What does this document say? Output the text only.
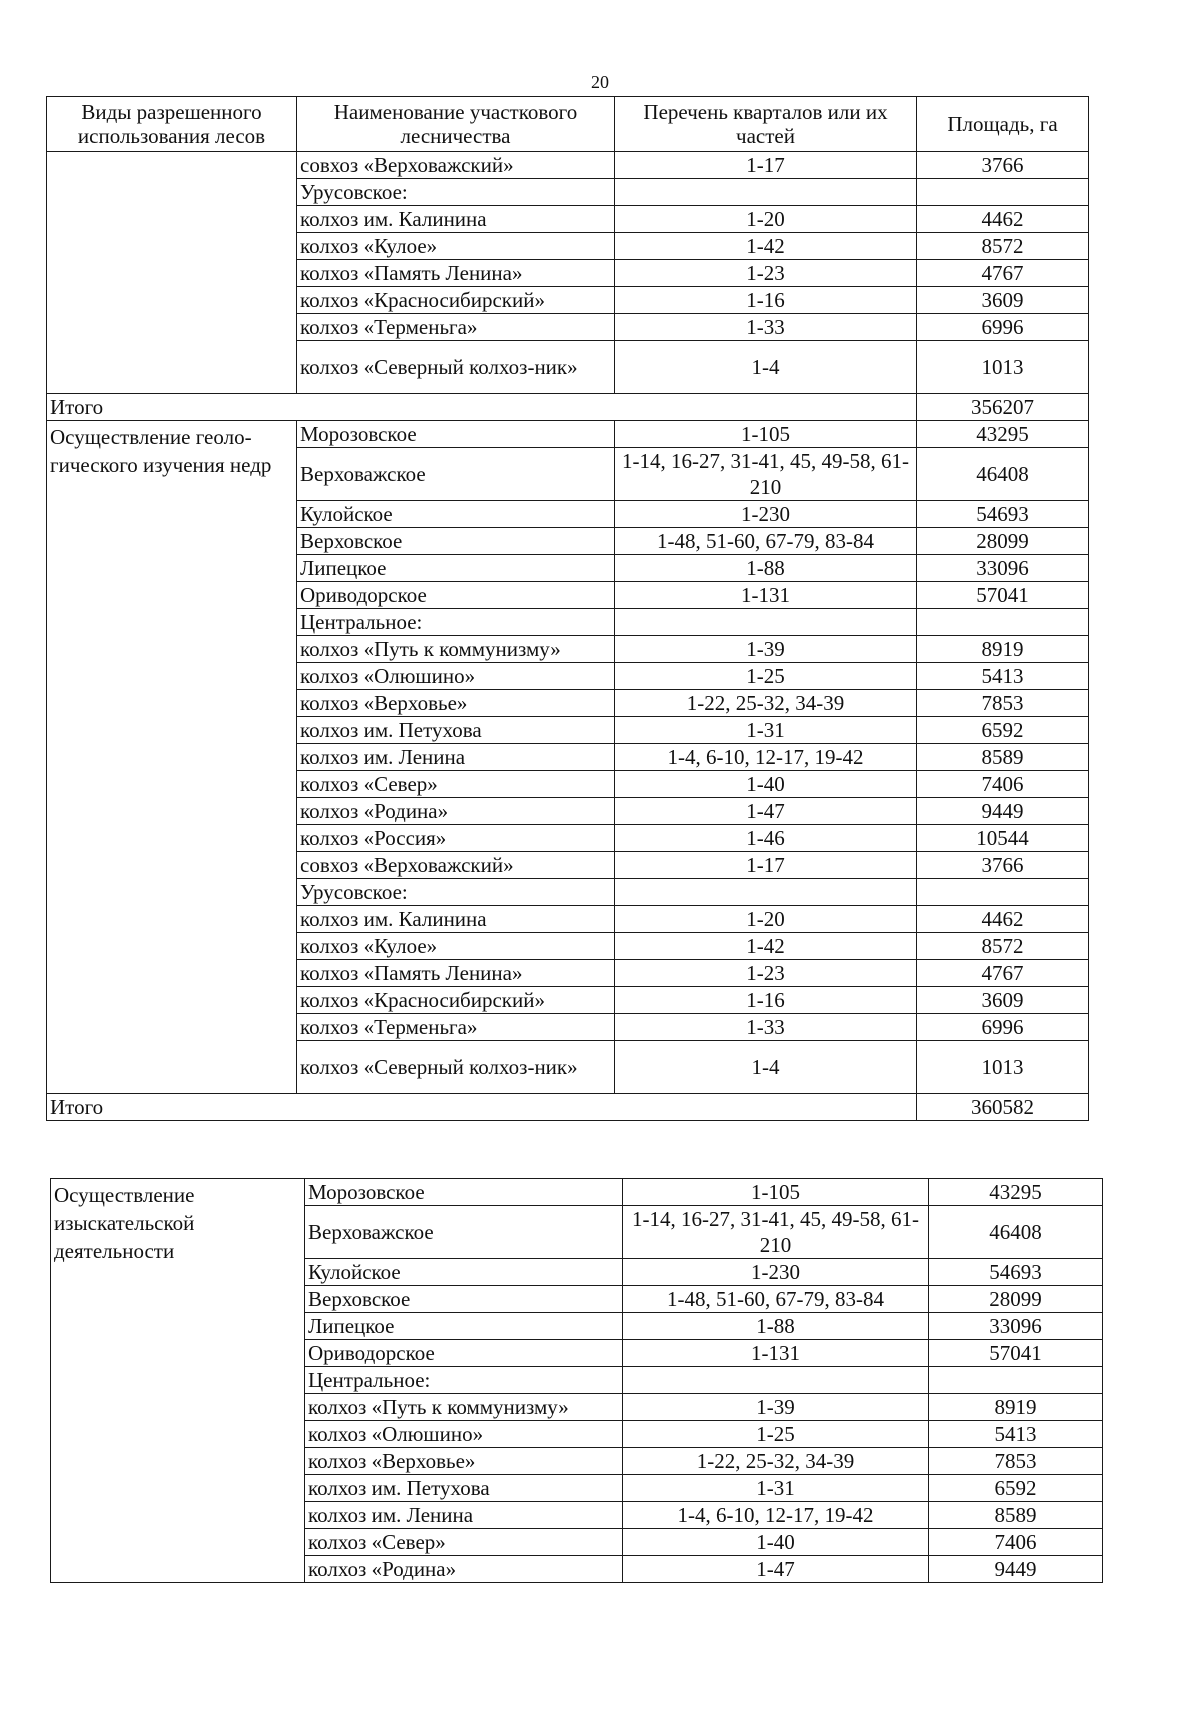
20
Виды разрешенного использования лесов	Наименование участкового лесничества	Перечень кварталов или их частей	Площадь, га
	совхоз «Верховажский»	1-17	3766
	Урусовское:		
	колхоз им. Калинина	1-20	4462
	колхоз «Кулое»	1-42	8572
	колхоз «Память Ленина»	1-23	4767
	колхоз «Красносибирский»	1-16	3609
	колхоз «Терменьга»	1-33	6996
	колхоз «Северный колхоз-ник»	1-4	1013
Итого			356207
Осуществление геоло-гического изучения недр	Морозовское	1-105	43295
	Верховажское	1-14, 16-27, 31-41, 45, 49-58, 61-210	46408
	Кулойское	1-230	54693
	Верховское	1-48, 51-60, 67-79, 83-84	28099
	Липецкое	1-88	33096
	Ориводорское	1-131	57041
	Центральное:		
	колхоз «Путь к коммунизму»	1-39	8919
	колхоз «Олюшино»	1-25	5413
	колхоз «Верховье»	1-22, 25-32, 34-39	7853
	колхоз им. Петухова	1-31	6592
	колхоз им. Ленина	1-4, 6-10, 12-17, 19-42	8589
	колхоз «Север»	1-40	7406
	колхоз «Родина»	1-47	9449
	колхоз «Россия»	1-46	10544
	совхоз «Верховажский»	1-17	3766
	Урусовское:		
	колхоз им. Калинина	1-20	4462
	колхоз «Кулое»	1-42	8572
	колхоз «Память Ленина»	1-23	4767
	колхоз «Красносибирский»	1-16	3609
	колхоз «Терменьга»	1-33	6996
	колхоз «Северный колхоз-ник»	1-4	1013
Итого			360582
Осуществление изыскательской деятельности	Морозовское	1-105	43295
	Верховажское	1-14, 16-27, 31-41, 45, 49-58, 61-210	46408
	Кулойское	1-230	54693
	Верховское	1-48, 51-60, 67-79, 83-84	28099
	Липецкое	1-88	33096
	Ориводорское	1-131	57041
	Центральное:		
	колхоз «Путь к коммунизму»	1-39	8919
	колхоз «Олюшино»	1-25	5413
	колхоз «Верховье»	1-22, 25-32, 34-39	7853
	колхоз им. Петухова	1-31	6592
	колхоз им. Ленина	1-4, 6-10, 12-17, 19-42	8589
	колхоз «Север»	1-40	7406
	колхоз «Родина»	1-47	9449
